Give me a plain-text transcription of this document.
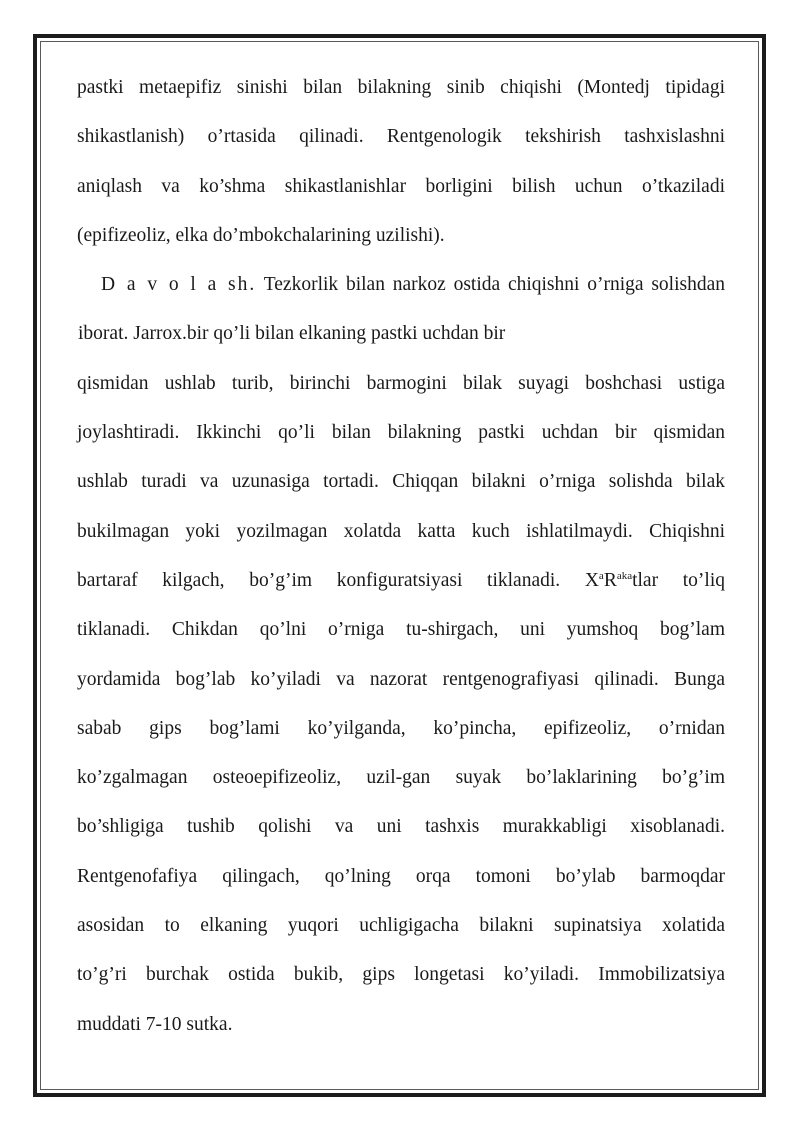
pastki metaepifiz sinishi bilan bilakning sinib chiqishi (Montedj tipidagi
shikastlanish) o’rtasida qilinadi. Rentgenologik tekshirish tashxislashni
aniqlash va ko’shma shikastlanishlar borligini bilish uchun o’tkaziladi
(epifizeoliz, elka do’mbokchalarining uzilishi).
D a v o l a sh. Tezkorlik bilan narkoz ostida chiqishni o’rniga solishdan
iborat. Jarrox.bir qo’li bilan elkaning pastki uchdan bir
qismidan ushlab turib, birinchi barmogini bilak suyagi boshchasi ustiga
joylashtiradi. Ikkinchi qo’li bilan bilakning pastki uchdan bir qismidan
ushlab turadi va uzunasiga tortadi. Chiqqan bilakni o’rniga solishda bilak
bukilmagan yoki yozilmagan xolatda katta kuch ishlatilmaydi. Chiqishni
bartaraf kilgach, bo’g’im konfiguratsiyasi tiklanadi. $X^aR^{aka}tlar$ to’liq
tiklanadi. Chikdan qo’lni o’rniga tu-shirgach, uni yumshoq bog’lam
yordamida bog’lab ko’yiladi va nazorat rentgenografiyasi qilinadi. Bunga
sabab gips bog’lami ko’yilganda, ko’pincha, epifizeoliz, o’rnidan
ko’zgalmagan osteoepifizeoliz, uzil-gan suyak bo’laklarining bo’g’im
bo’shligiga tushib qolishi va uni tashxis murakkabligi xisoblanadi.
Rentgenofafiya qilingach, qo’lning orqa tomoni bo’ylab barmoqdar
asosidan to elkaning yuqori uchligigacha bilakni supinatsiya xolatida
to’g’ri burchak ostida bukib, gips longetasi ko’yiladi. Immobilizatsiya
muddati 7-10 sutka.
